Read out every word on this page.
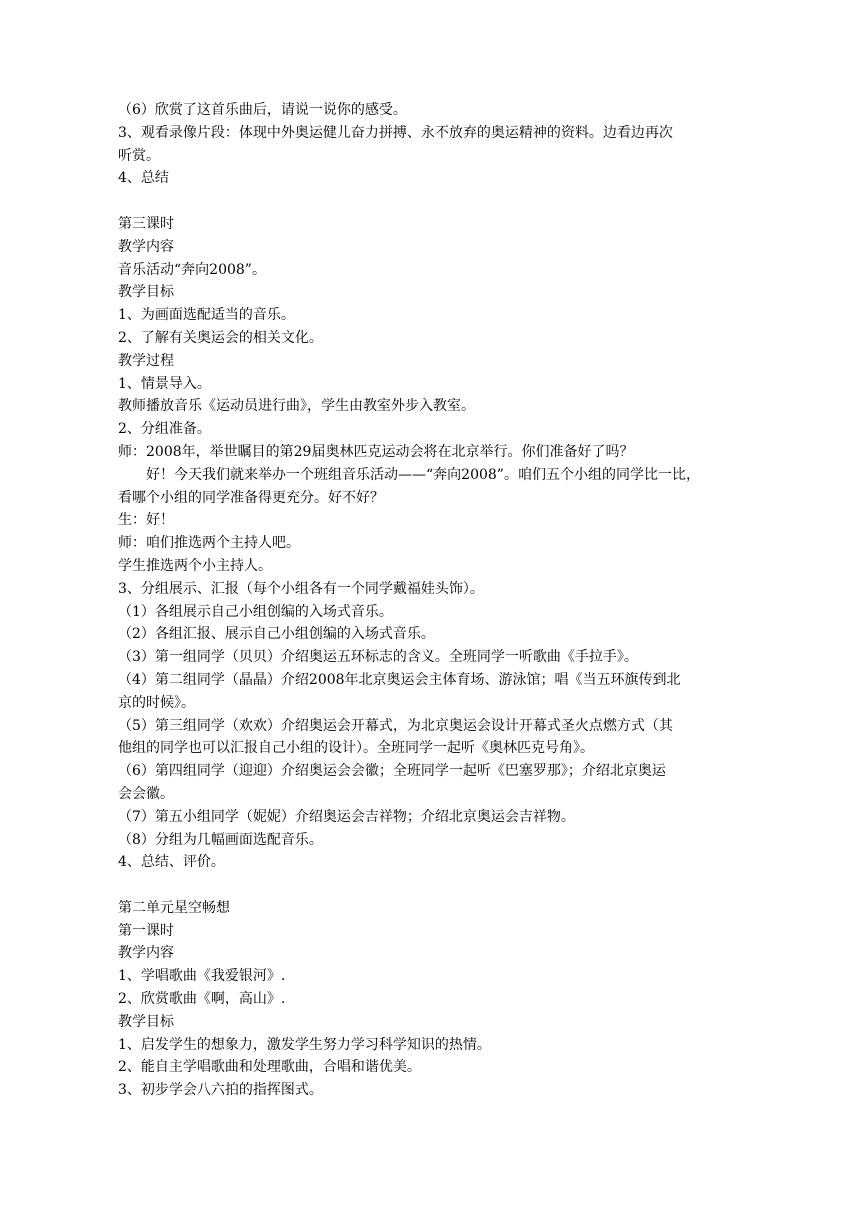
（6）欣赏了这首乐曲后，请说一说你的感受。
3、观看录像片段：体现中外奥运健儿奋力拼搏、永不放弃的奥运精神的资料。边看边再次
听赏。
4、总结
第三课时
教学内容
音乐活动“奔向2008”。
教学目标
1、为画面选配适当的音乐。
2、了解有关奥运会的相关文化。
教学过程
1、情景导入。
教师播放音乐《运动员进行曲》，学生由教室外步入教室。
2、分组准备。
师：2008年，举世瞩目的第29届奥林匹克运动会将在北京举行。你们准备好了吗？
好！今天我们就来举办一个班组音乐活动——“奔向2008”。咱们五个小组的同学比一比，
看哪个小组的同学准备得更充分。好不好？
生：好！
师：咱们推选两个主持人吧。
学生推选两个小主持人。
3、分组展示、汇报（每个小组各有一个同学戴福娃头饰）。
（1）各组展示自己小组创编的入场式音乐。
（2）各组汇报、展示自己小组创编的入场式音乐。
（3）第一组同学（贝贝）介绍奥运五环标志的含义。全班同学一听歌曲《手拉手》。
（4）第二组同学（晶晶）介绍2008年北京奥运会主体育场、游泳馆；唱《当五环旗传到北
京的时候》。
（5）第三组同学（欢欢）介绍奥运会开幕式，为北京奥运会设计开幕式圣火点燃方式（其
他组的同学也可以汇报自己小组的设计）。全班同学一起听《奥林匹克号角》。
（6）第四组同学（迎迎）介绍奥运会会徽；全班同学一起听《巴塞罗那》；介绍北京奥运
会会徽。
（7）第五小组同学（妮妮）介绍奥运会吉祥物；介绍北京奥运会吉祥物。
（8）分组为几幅画面选配音乐。
4、总结、评价。
第二单元星空畅想
第一课时
教学内容
1、学唱歌曲《我爱银河》.
2、欣赏歌曲《啊，高山》.
教学目标
1、启发学生的想象力，激发学生努力学习科学知识的热情。
2、能自主学唱歌曲和处理歌曲，合唱和谐优美。
3、初步学会八六拍的指挥图式。
